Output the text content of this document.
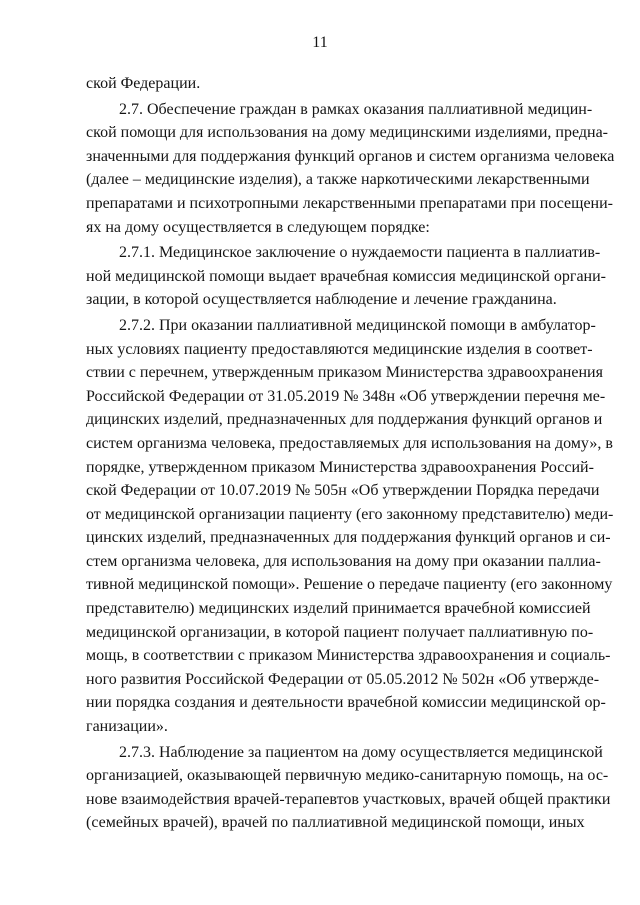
11

ской Федерации.

2.7. Обеспечение граждан в рамках оказания паллиативной медицин-
ской помощи для использования на дому медицинскими изделиями, предна-
значенными для поддержания функций органов и систем организма человека
(далее – медицинские изделия), а также наркотическими лекарственными
препаратами и психотропными лекарственными препаратами при посещени-
ях на дому осуществляется в следующем порядке:

2.7.1. Медицинское заключение о нуждаемости пациента в паллиатив-
ной медицинской помощи выдает врачебная комиссия медицинской органи-
зации, в которой осуществляется наблюдение и лечение гражданина.

2.7.2. При оказании паллиативной медицинской помощи в амбулатор-
ных условиях пациенту предоставляются медицинские изделия в соответ-
ствии с перечнем, утвержденным приказом Министерства здравоохранения
Российской Федерации от 31.05.2019 № 348н «Об утверждении перечня ме-
дицинских изделий, предназначенных для поддержания функций органов и
систем организма человека, предоставляемых для использования на дому», в
порядке, утвержденном приказом Министерства здравоохранения Россий-
ской Федерации от 10.07.2019 № 505н «Об утверждении Порядка передачи
от медицинской организации пациенту (его законному представителю) меди-
цинских изделий, предназначенных для поддержания функций органов и си-
стем организма человека, для использования на дому при оказании паллиа-
тивной медицинской помощи». Решение о передаче пациенту (его законному
представителю) медицинских изделий принимается врачебной комиссией
медицинской организации, в которой пациент получает паллиативную по-
мощь, в соответствии с приказом Министерства здравоохранения и социаль-
ного развития Российской Федерации от 05.05.2012 № 502н «Об утвержде-
нии порядка создания и деятельности врачебной комиссии медицинской ор-
ганизации».

2.7.3. Наблюдение за пациентом на дому осуществляется медицинской
организацией, оказывающей первичную медико-санитарную помощь, на ос-
нове взаимодействия врачей-терапевтов участковых, врачей общей практики
(семейных врачей), врачей по паллиативной медицинской помощи, иных
